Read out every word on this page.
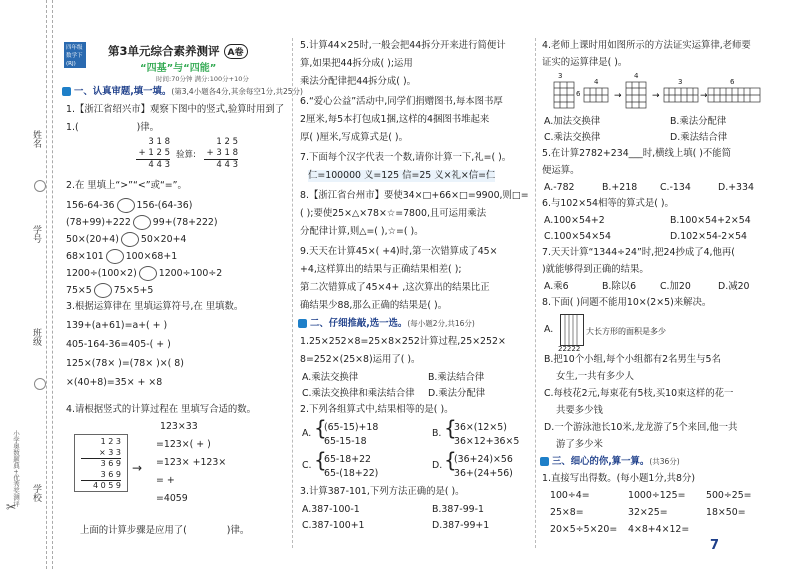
姓名
学号
班级
学校
小学奥数题典+优秀奖测评
✂
四年级数学下
(RJ)
第3单元综合素养测评 A卷
“四基”与“四能”
时间:70分钟 满分:100分+10分
一、认真审题,填一填。(第3,4小题各4分,其余每空1分,共25分)
1.【浙江省绍兴市】观察下图中的竖式,验算时用到了
1.(	)律。
3 1 8
+ 1 2 5
4 4 3
验算:
1 2 5
+ 3 1 8
4 4 3
2.在 里填上“>”“<”或“=”。
156-64-36 156-(64-36)
(78+99)+222 99+(78+222)
50×(20+4) 50×20+4
68×101 100×68+1
1200÷(100×2) 1200÷100÷2
75×5 75×5+5
3.根据运算律在 里填运算符号,在 里填数。
139+(a+61)=a+( + )
405-164-36=405-( + )
125×(78× )=(78× )×( 8)
×(40+8)=35× + ×8
4.请根据竖式的计算过程在 里填写合适的数。
123×33
1 2 3
× 3 3
3 6 9
3 6 9
4 0 5 9
→
=123×( + )
=123× +123×
= +
=4059
上面的计算步骤是应用了(	)律。
5.计算44×25时,一般会把44拆分开来进行简便计
算,如果把44拆分成( );运用
乘法分配律把44拆分成( )。
6.“爱心公益”活动中,同学们捐赠图书,每本图书厚
2厘米,每5本打包成1捆,这样的4捆图书堆起来
厚( )厘米,写成算式是( )。
7.下面每个汉字代表一个数,请你计算一下,礼=( )。
仁=100000 义=125 信=25 义×礼×信=仁
8.【浙江省台州市】要使34×□+66×□=9900,则□=
( );要使25×△×78×☆=7800,且可运用乘法
分配律计算,则△=( ),☆=( )。
9.天天在计算45×( +4)时,第一次错算成了45×
+4,这样算出的结果与正确结果相差( );
第二次错算成了45×4+ ,这次算出的结果比正
确结果少88,那么正确的结果是( )。
二、仔细推敲,选一选。(每小题2分,共16分)
1.25×252×8=25×8×252计算过程,25×252×
8=252×(25×8)运用了( )。
A.乘法交换律	B.乘法结合律
C.乘法交换律和乘法结合律 D.乘法分配律
2.下列各组算式中,结果相等的是( )。
A. {
(65-15)+18
65-15-18
B. {
36×(12×5)
36×12+36×5
C. {
65-18+22
65-(18+22)
D. {
(36+24)×56
36+(24+56)
3.计算387-101,下列方法正确的是( )。
A.387-100-1	B.387-99-1
C.387-100+1	D.387-99+1
4.老师上课时用如图所示的方法证实运算律,老师要
证实的运算律是( )。
A.加法交换律	B.乘法分配律
C.乘法交换律	D.乘法结合律
5.在计算2782+234___时,横线上填( )不能简
便运算。
A.-782	B.+218 C.-134	D.+334
6.与102×54相等的算式是( )。
A.100×54+2	B.100×54+2×54
C.100×54×54	D.102×54-2×54
7.天天计算“1344÷24”时,把24抄成了4,他再(
)就能够得到正确的结果。
A.乘6	B.除以6	C.加20	D.减20
8.下面( )问题不能用10×(2×5)来解决。
A.
B.把10个小组,每个小组都有2名男生与5名
女生,一共有多少人
C.每枝花2元,每束花有5枝,买10束这样的花一
共要多少钱
D.一个游泳池长10米,龙龙游了5个来回,他一共
游了多少米
三、细心的你,算一算。(共36分)
1.直接写出得数。(每小题1分,共8分)
100÷4=	1000÷125= 500÷25=
25×8=	32×25=	18×50=
20×5÷5×20= 4×8+4×12=
→	→	→
3
6
4
4
3	6
22222
大长方形的面积是多少
7
